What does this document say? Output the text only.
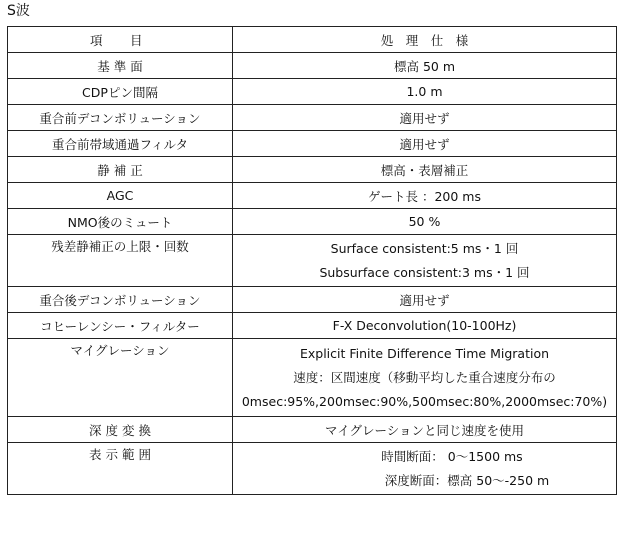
S波
項　目	処　理　仕　様
基 準 面	標高 50 m
CDPピン間隔	1.0 m
重合前デコンボリューション	適用せず
重合前帯域通過フィルタ	適用せず
静 補 正	標高・表層補正
AGC	ゲート長 ：200 ms
NMO後のミュート	50 %

残差静補正の上限・回数	Surface consistent:5 ms・1 回
Subsurface consistent:3 ms・1 回

重合後デコンボリューション	適用せず
コヒーレンシー・フィルター	F-X Deconvolution(10-100Hz)

マイグレーション	Explicit Finite Difference Time Migration
速度：区間速度（移動平均した重合速度分布の
0msec:95%,200msec:90%,500msec:80%,2000msec:70%)

深 度 変 換	マイグレーションと同じ速度を使用

表 示 範 囲	時間断面： 0～1500 ms
深度断面：標高 50～-250 m
